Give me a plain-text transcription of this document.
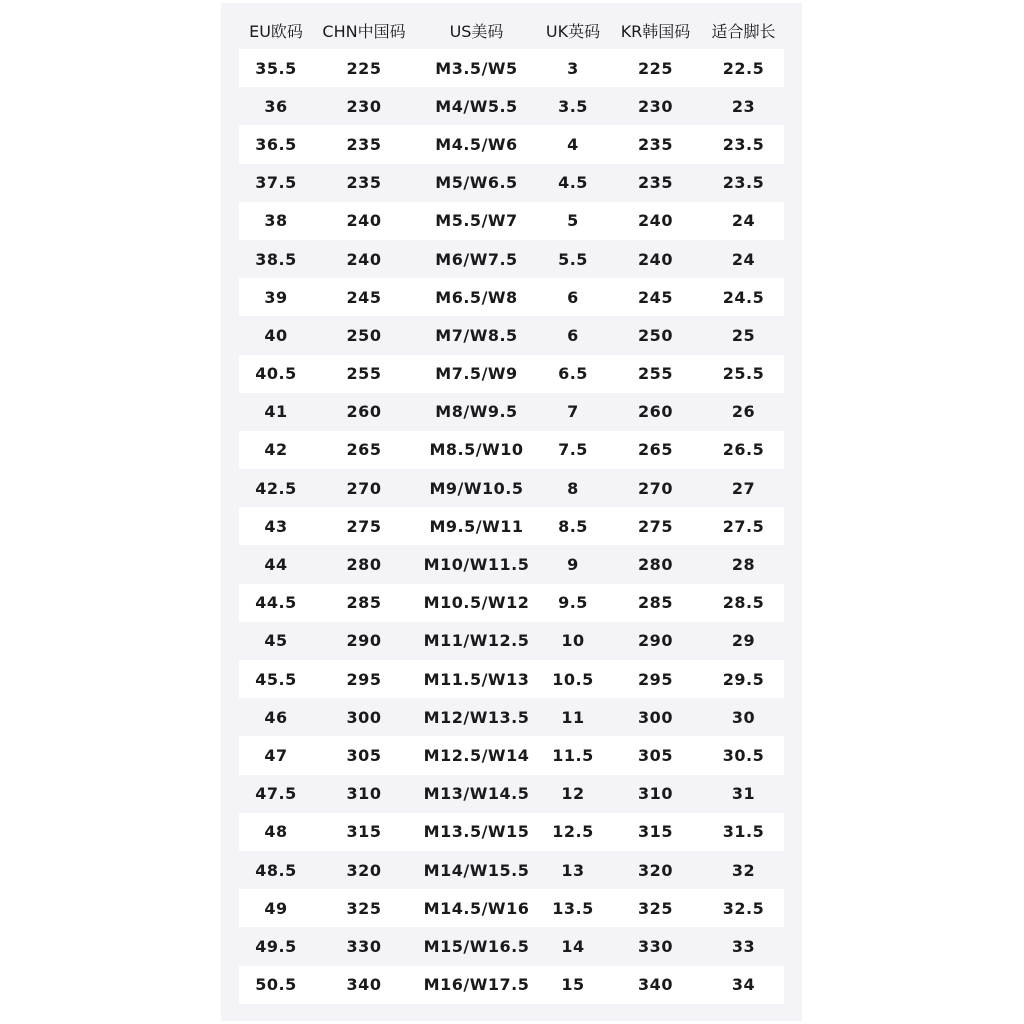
EU欧码	CHN中国码	US美码	UK英码	KR韩国码	适合脚长
35.5	225	M3.5/W5	3	225	22.5
36	230	M4/W5.5	3.5	230	23
36.5	235	M4.5/W6	4	235	23.5
37.5	235	M5/W6.5	4.5	235	23.5
38	240	M5.5/W7	5	240	24
38.5	240	M6/W7.5	5.5	240	24
39	245	M6.5/W8	6	245	24.5
40	250	M7/W8.5	6	250	25
40.5	255	M7.5/W9	6.5	255	25.5
41	260	M8/W9.5	7	260	26
42	265	M8.5/W10	7.5	265	26.5
42.5	270	M9/W10.5	8	270	27
43	275	M9.5/W11	8.5	275	27.5
44	280	M10/W11.5	9	280	28
44.5	285	M10.5/W12	9.5	285	28.5
45	290	M11/W12.5	10	290	29
45.5	295	M11.5/W13	10.5	295	29.5
46	300	M12/W13.5	11	300	30
47	305	M12.5/W14	11.5	305	30.5
47.5	310	M13/W14.5	12	310	31
48	315	M13.5/W15	12.5	315	31.5
48.5	320	M14/W15.5	13	320	32
49	325	M14.5/W16	13.5	325	32.5
49.5	330	M15/W16.5	14	330	33
50.5	340	M16/W17.5	15	340	34
